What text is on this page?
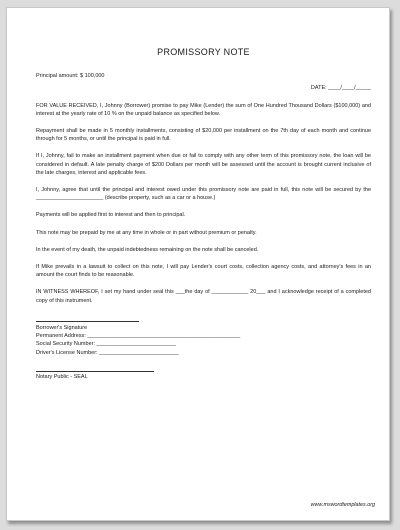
PROMISSORY NOTE
Principal amount: $ 100,000
DATE: ____/____/_____

FOR VALUE RECEIVED, I, Johnny (Borrower) promise to pay Mike (Lender) the sum of One Hundred Thousand Dollars ($100,000) and interest at the yearly rate of 10 % on the unpaid balance as specified below.

Repayment shall be made in 5 monthly installments, consisting of $20,000 per installment on the 7th day of each month and continue through for 5 months, or until the principal is paid in full.

If I, Johnny, fail to make an installment payment when due or fail to comply with any other term of this promissory note, the loan will be considered in default. A late penalty charge of $200 Dollars per month will be assessed until the account is brought current inclusive of the late charges, interest and applicable fees.

I, Johnny, agree that until the principal and interest owed under this promissory note are paid in full, this note will be secured by the ______________________ (describe property, such as a car or a house.)

Payments will be applied first to interest and then to principal.

This note may be prepaid by me at any time in whole or in part without premium or penalty.

In the event of my death, the unpaid indebtedness remaining on the note shall be canceled.

If Mike prevails in a lawsuit to collect on this note, I will pay Lender's court costs, collection agency costs, and attorney's fees in an amount the court finds to be reasonable.

IN WITNESS WHEREOF, I set my hand under seal this ___the day of ____________ 20___ and I acknowledge receipt of a completed copy of this instrument.

Borrower's Signature
Permanent Address: __________________________________________________
Social Security Number: __________________________
Driver's License Number: __________________________
Notary Public - SEAL
www.mswordtemplates.org
